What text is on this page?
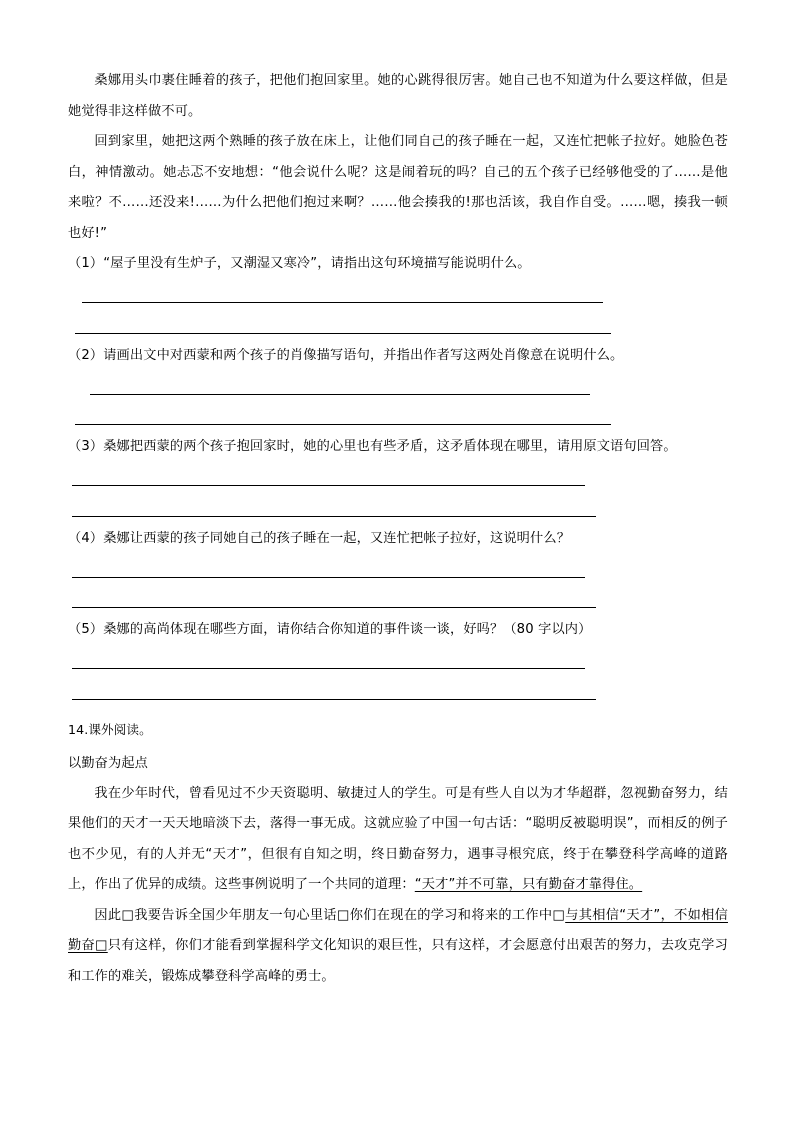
桑娜用头巾裹住睡着的孩子，把他们抱回家里。她的心跳得很厉害。她自己也不知道为什么要这样做，但是她觉得非这样做不可。

回到家里，她把这两个熟睡的孩子放在床上，让他们同自己的孩子睡在一起，又连忙把帐子拉好。她脸色苍白，神情激动。她忐忑不安地想：“他会说什么呢？这是闹着玩的吗？自己的五个孩子已经够他受的了……是他来啦？不……还没来!……为什么把他们抱过来啊？……他会揍我的!那也活该，我自作自受。……嗯，揍我一顿也好!”

（1）“屋子里没有生炉子，又潮湿又寒冷”，请指出这句环境描写能说明什么。

（2）请画出文中对西蒙和两个孩子的肖像描写语句，并指出作者写这两处肖像意在说明什么。

（3）桑娜把西蒙的两个孩子抱回家时，她的心里也有些矛盾，这矛盾体现在哪里，请用原文语句回答。

（4）桑娜让西蒙的孩子同她自己的孩子睡在一起，又连忙把帐子拉好，这说明什么？

（5）桑娜的高尚体现在哪些方面，请你结合你知道的事件谈一谈，好吗？（80 字以内）

14.课外阅读。

以勤奋为起点

我在少年时代，曾看见过不少天资聪明、敏捷过人的学生。可是有些人自以为才华超群，忽视勤奋努力，结果他们的天才一天天地暗淡下去，落得一事无成。这就应验了中国一句古话：“聪明反被聪明误”，而相反的例子也不少见，有的人并无“天才”，但很有自知之明，终日勤奋努力，遇事寻根究底，终于在攀登科学高峰的道路上，作出了优异的成绩。这些事例说明了一个共同的道理：“天才”并不可靠，只有勤奋才靠得住。

因此□我要告诉全国少年朋友一句心里话□你们在现在的学习和将来的工作中□与其相信“天才”，不如相信勤奋□只有这样，你们才能看到掌握科学文化知识的艰巨性，只有这样，才会愿意付出艰苦的努力，去攻克学习和工作的难关，锻炼成攀登科学高峰的勇士。
